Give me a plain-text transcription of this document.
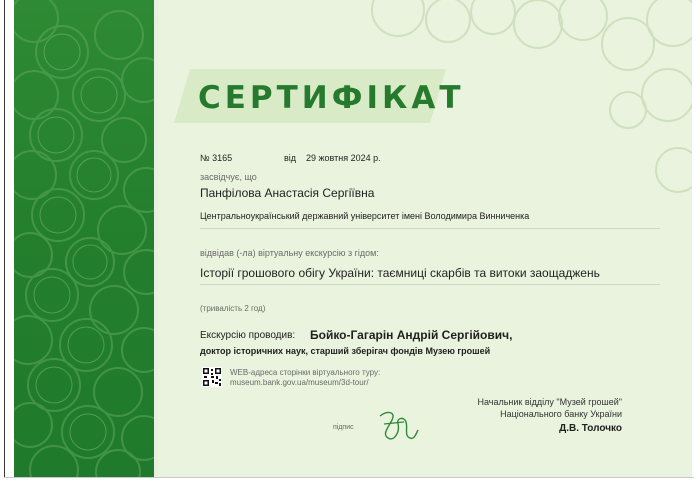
СЕРТИФІКАТ
№ 3165	від 29 жовтня 2024 р.
засвідчує, що
Панфілова Анастасія Сергіївна
Центральноукраїнський державний університет імені Володимира Винниченка
відвідав (-ла) віртуальну екскурсію з гідом:
Історії грошового обігу України: таємниці скарбів та витоки заощаджень
(тривалість 2 год)
Екскурсію проводив: Бойко-Гагарін Андрій Сергійович,
доктор історичних наук, старший зберігач фондів Музею грошей
WEB-адреса сторінки віртуального туру:
museum.bank.gov.ua/museum/3d-tour/
підпис
Начальник відділу "Музей грошей"
Національного банку України
Д.В. Толочко
